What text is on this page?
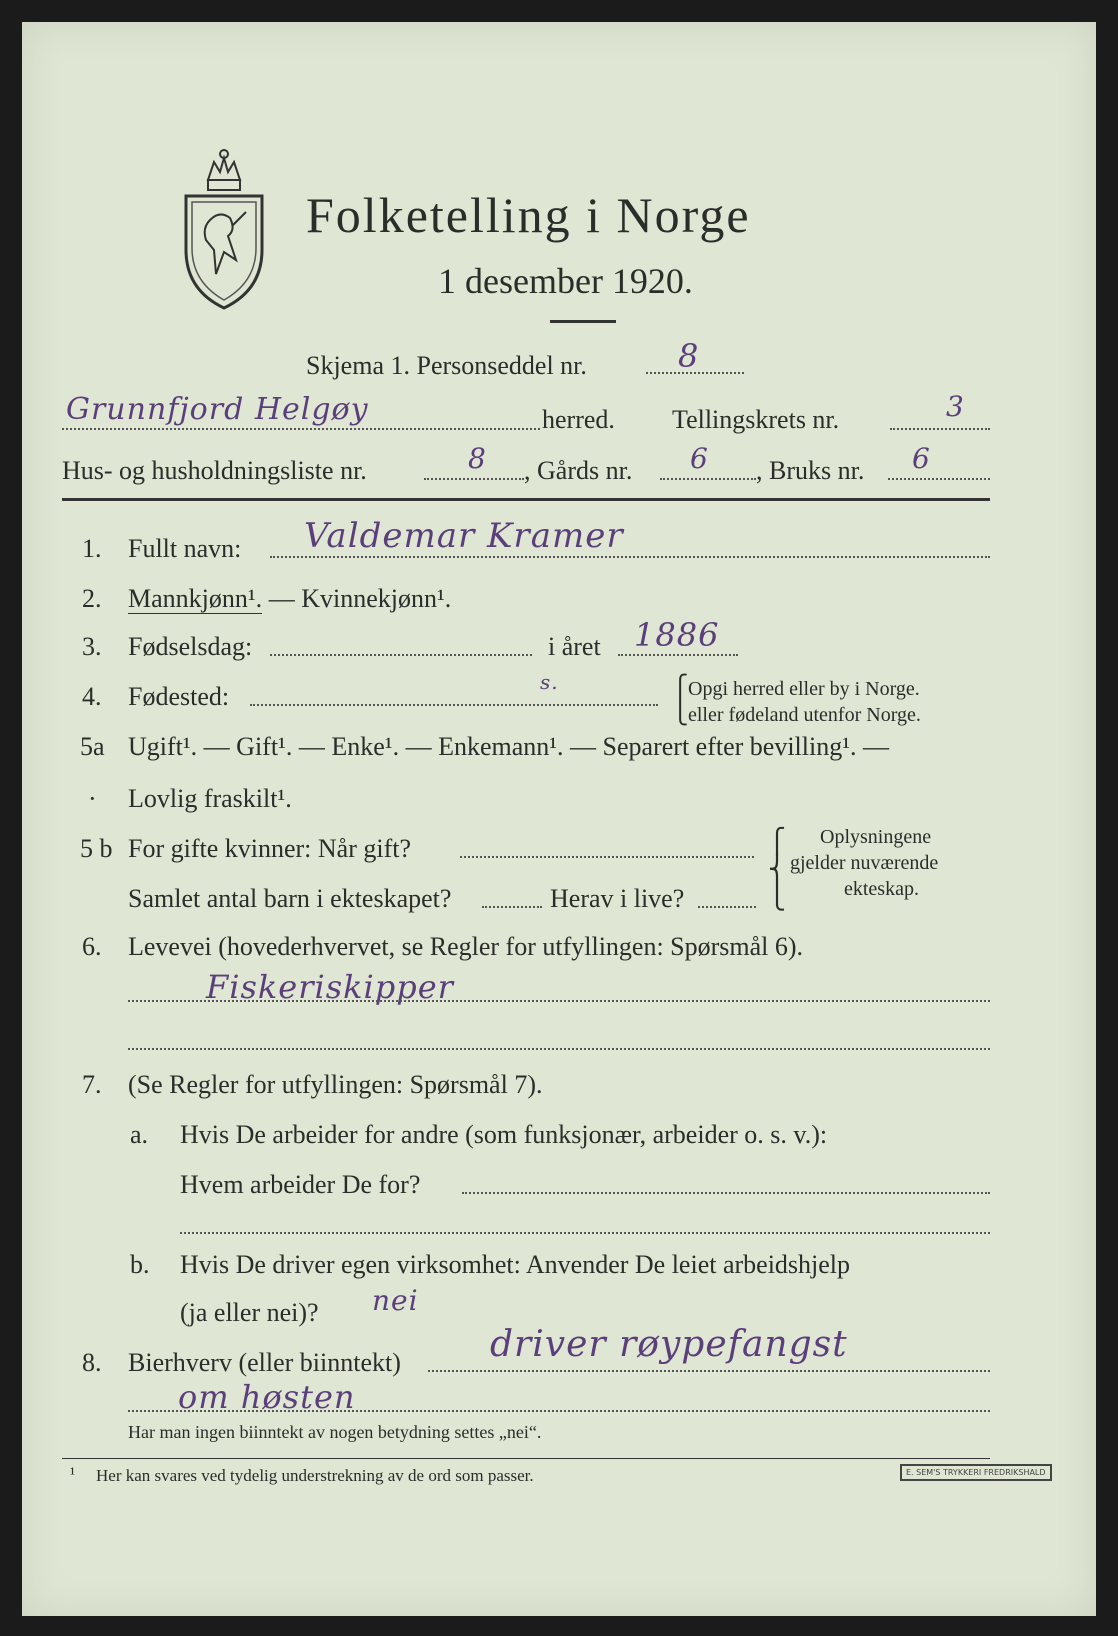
Folketelling i Norge
1 desember 1920.
Skjema 1. Personseddel nr.	8
Grunnfjord Helgøy	herred. Tellingskrets nr.	3
Hus- og husholdningsliste nr.	8 , Gårds nr. 6 , Bruks nr. 6
1. Fullt navn: Valdemar Kramer
2. Mannkjønn¹. — Kvinnekjønn¹.
3. Fødselsdag:	i året 1886
4. Fødested:	s.	⎧
⎩
Opgi herred eller by i Norge.
eller fødeland utenfor Norge.
5a Ugift¹. — Gift¹. — Enke¹. — Enkemann¹. — Separert efter bevilling¹. —
· Lovlig fraskilt¹.
5 b For gifte kvinner: Når gift?
Samlet antal barn i ekteskapet?	Herav i live?
⎧
⎨
⎩
Oplysningene
gjelder nuværende
ekteskap.
6. Levevei (hovederhvervet, se Regler for utfyllingen: Spørsmål 6).
Fiskeriskipper
7. (Se Regler for utfyllingen: Spørsmål 7).
a. Hvis De arbeider for andre (som funksjonær, arbeider o. s. v.):
Hvem arbeider De for?
b. Hvis De driver egen virksomhet: Anvender De leiet arbeidshjelp
(ja eller nei)? nei
8. Bierhverv (eller biinntekt) driver røypefangst
om høsten
Har man ingen biinntekt av nogen betydning settes „nei“.
¹ Her kan svares ved tydelig understrekning av de ord som passer.	E. SEM'S TRYKKERI FREDRIKSHALD
